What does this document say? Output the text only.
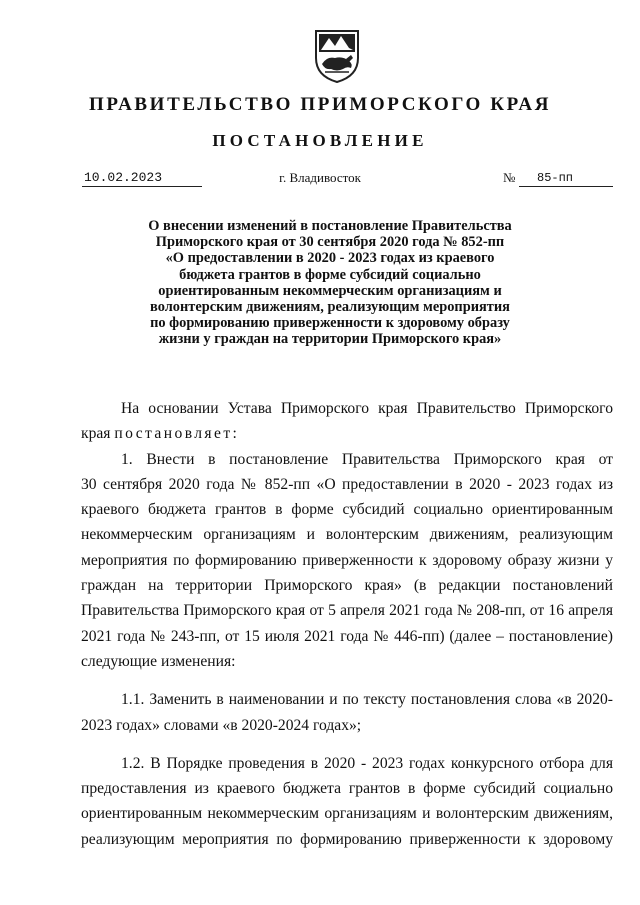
ПРАВИТЕЛЬСТВО ПРИМОРСКОГО КРАЯ
ПОСТАНОВЛЕНИЕ
10.02.2023	г. Владивосток	№	85-пп
О внесении изменений в постановление Правительства
Приморского края от 30 сентября 2020 года № 852-пп
«О предоставлении в 2020 - 2023 годах из краевого
бюджета грантов в форме субсидий социально
ориентированным некоммерческим организациям и
волонтерским движениям, реализующим мероприятия
по формированию приверженности к здоровому образу
жизни у граждан на территории Приморского края»
На основании Устава Приморского края Правительство Приморского
края постановляет:
1. Внести в постановление Правительства Приморского края от
30 сентября 2020 года № 852-пп «О предоставлении в 2020 - 2023 годах из
краевого бюджета грантов в форме субсидий социально ориентированным
некоммерческим организациям и волонтерским движениям, реализующим
мероприятия по формированию приверженности к здоровому образу жизни у
граждан на территории Приморского края» (в редакции постановлений
Правительства Приморского края от 5 апреля 2021 года № 208-пп, от 16 апреля
2021 года № 243-пп, от 15 июля 2021 года № 446-пп) (далее – постановление)
следующие изменения:
1.1. Заменить в наименовании и по тексту постановления слова «в 2020-
2023 годах» словами «в 2020-2024 годах»;
1.2. В Порядке проведения в 2020 - 2023 годах конкурсного отбора для
предоставления из краевого бюджета грантов в форме субсидий социально
ориентированным некоммерческим организациям и волонтерским движениям,
реализующим мероприятия по формированию приверженности к здоровому
